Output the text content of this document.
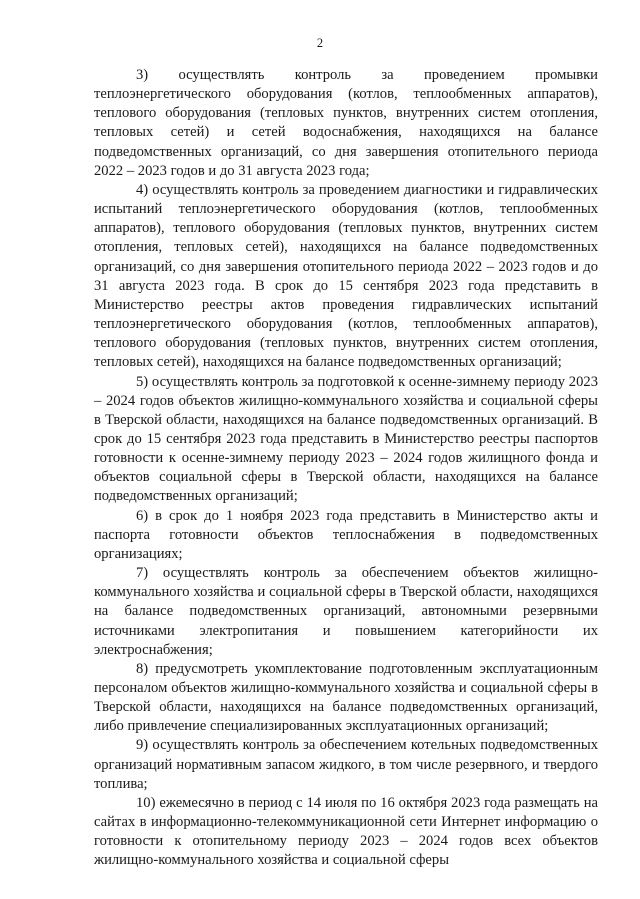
2

3) осуществлять контроль за проведением промывки теплоэнергетического оборудования (котлов, теплообменных аппаратов), теплового оборудования (тепловых пунктов, внутренних систем отопления, тепловых сетей) и сетей водоснабжения, находящихся на балансе подведомственных организаций, со дня завершения отопительного периода 2022 – 2023 годов и до 31 августа 2023 года;

4) осуществлять контроль за проведением диагностики и гидравлических испытаний теплоэнергетического оборудования (котлов, теплообменных аппаратов), теплового оборудования (тепловых пунктов, внутренних систем отопления, тепловых сетей), находящихся на балансе подведомственных организаций, со дня завершения отопительного периода 2022 – 2023 годов и до 31 августа 2023 года. В срок до 15 сентября 2023 года представить в Министерство реестры актов проведения гидравлических испытаний теплоэнергетического оборудования (котлов, теплообменных аппаратов), теплового оборудования (тепловых пунктов, внутренних систем отопления, тепловых сетей), находящихся на балансе подведомственных организаций;

5) осуществлять контроль за подготовкой к осенне-зимнему периоду 2023 – 2024 годов объектов жилищно-коммунального хозяйства и социальной сферы в Тверской области, находящихся на балансе подведомственных организаций. В срок до 15 сентября 2023 года представить в Министерство реестры паспортов готовности к осенне-зимнему периоду 2023 – 2024 годов жилищного фонда и объектов социальной сферы в Тверской области, находящихся на балансе подведомственных организаций;

6) в срок до 1 ноября 2023 года представить в Министерство акты и паспорта готовности объектов теплоснабжения в подведомственных организациях;

7) осуществлять контроль за обеспечением объектов жилищно-коммунального хозяйства и социальной сферы в Тверской области, находящихся на балансе подведомственных организаций, автономными резервными источниками электропитания и повышением категорийности их электроснабжения;

8) предусмотреть укомплектование подготовленным эксплуатационным персоналом объектов жилищно-коммунального хозяйства и социальной сферы в Тверской области, находящихся на балансе подведомственных организаций, либо привлечение специализированных эксплуатационных организаций;

9) осуществлять контроль за обеспечением котельных подведомственных организаций нормативным запасом жидкого, в том числе резервного, и твердого топлива;

10) ежемесячно в период с 14 июля по 16 октября 2023 года размещать на сайтах в информационно-телекоммуникационной сети Интернет информацию о готовности к отопительному периоду 2023 – 2024 годов всех объектов жилищно-коммунального хозяйства и социальной сферы
